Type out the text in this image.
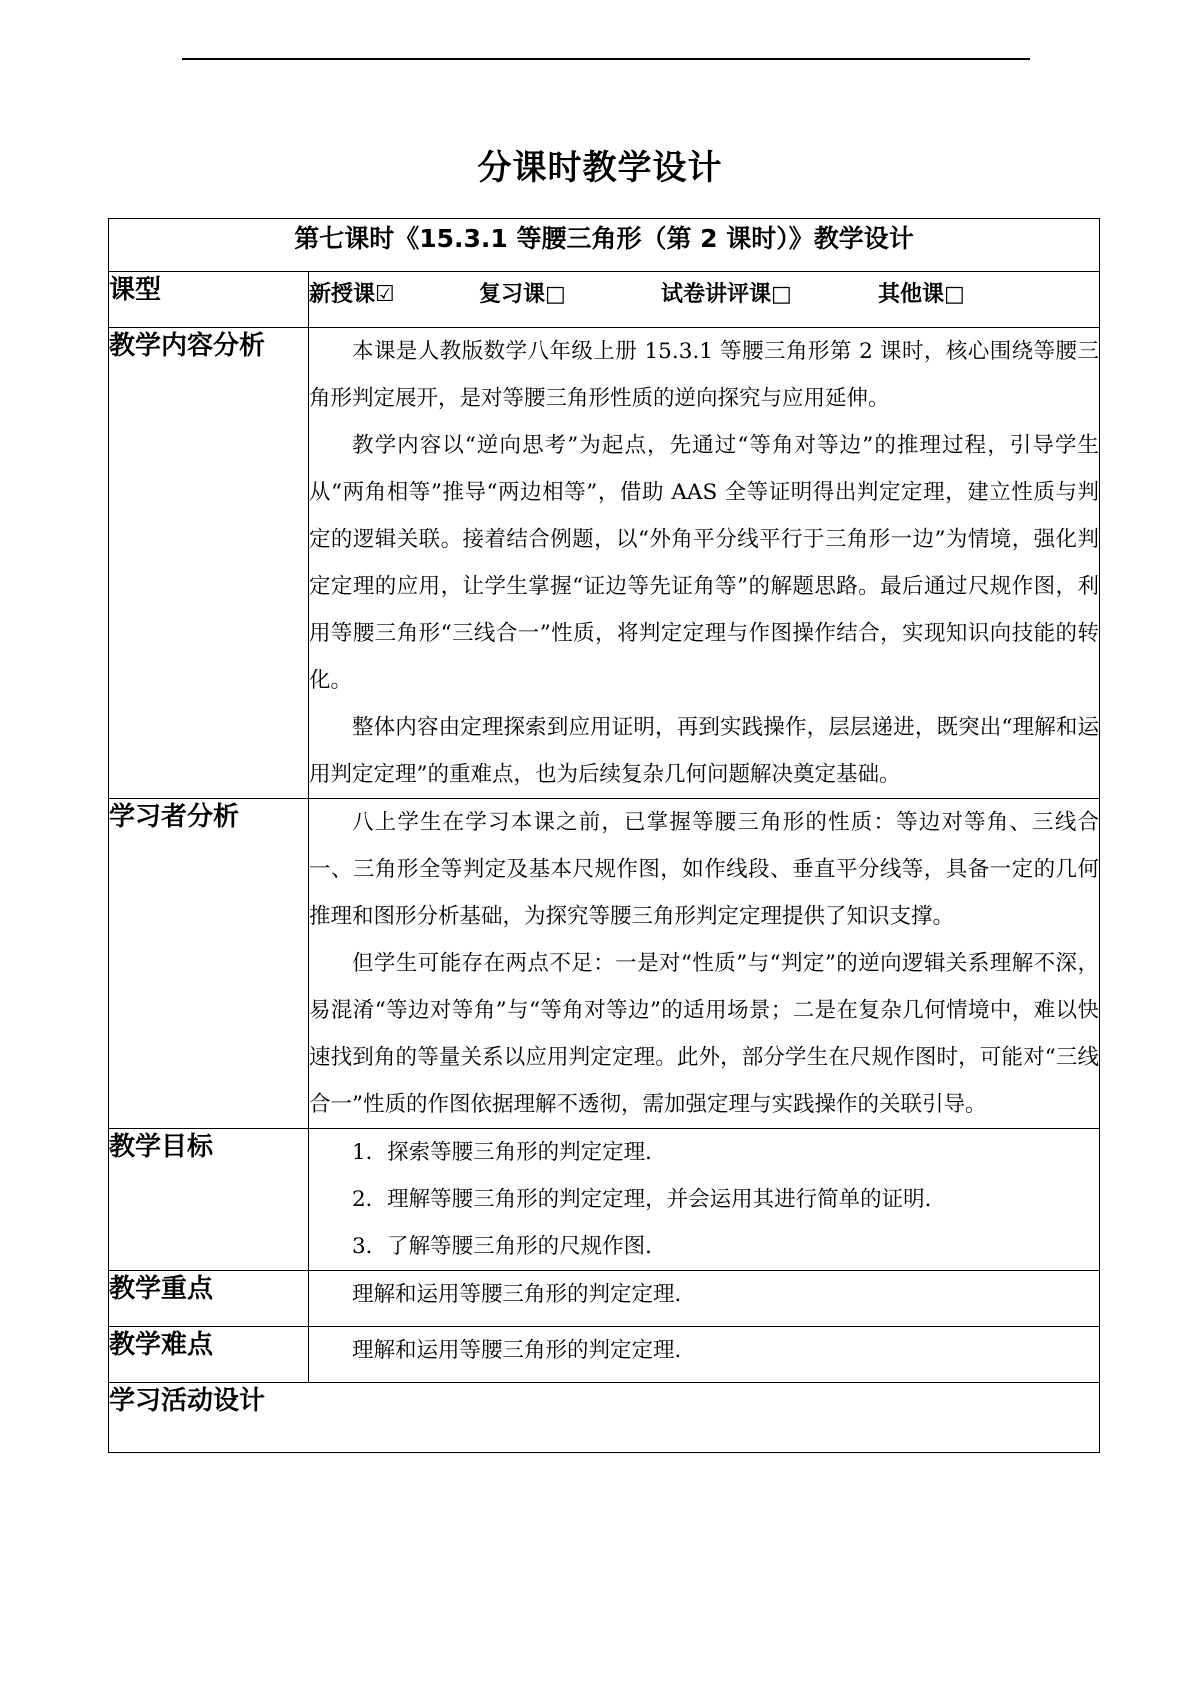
分课时教学设计
第七课时《15.3.1 等腰三角形（第 2 课时）》教学设计	
课型	新授课☑ 复习课□ 试卷讲评课□ 其他课□

教学内容分析	本课是人教版数学八年级上册 15.3.1 等腰三角形第 2 课时，核心围绕等腰三角形判定展开，是对等腰三角形性质的逆向探究与应用延伸。

教学内容以“逆向思考”为起点，先通过“等角对等边”的推理过程，引导学生从“两角相等”推导“两边相等”，借助 AAS 全等证明得出判定定理，建立性质与判定的逻辑关联。接着结合例题，以“外角平分线平行于三角形一边”为情境，强化判定定理的应用，让学生掌握“证边等先证角等”的解题思路。最后通过尺规作图，利用等腰三角形“三线合一”性质，将判定定理与作图操作结合，实现知识向技能的转化。

整体内容由定理探索到应用证明，再到实践操作，层层递进，既突出“理解和运用判定定理”的重难点，也为后续复杂几何问题解决奠定基础。

学习者分析	八上学生在学习本课之前，已掌握等腰三角形的性质：等边对等角、三线合一、三角形全等判定及基本尺规作图，如作线段、垂直平分线等，具备一定的几何推理和图形分析基础，为探究等腰三角形判定定理提供了知识支撑。

但学生可能存在两点不足：一是对“性质”与“判定”的逆向逻辑关系理解不深，易混淆“等边对等角”与“等角对等边”的适用场景；二是在复杂几何情境中，难以快速找到角的等量关系以应用判定定理。此外，部分学生在尺规作图时，可能对“三线合一”性质的作图依据理解不透彻，需加强定理与实践操作的关联引导。

教学目标	1．探索等腰三角形的判定定理．

2．理解等腰三角形的判定定理，并会运用其进行简单的证明．

3．了解等腰三角形的尺规作图．

教学重点	理解和运用等腰三角形的判定定理．

教学难点	理解和运用等腰三角形的判定定理．

学习活动设计	
